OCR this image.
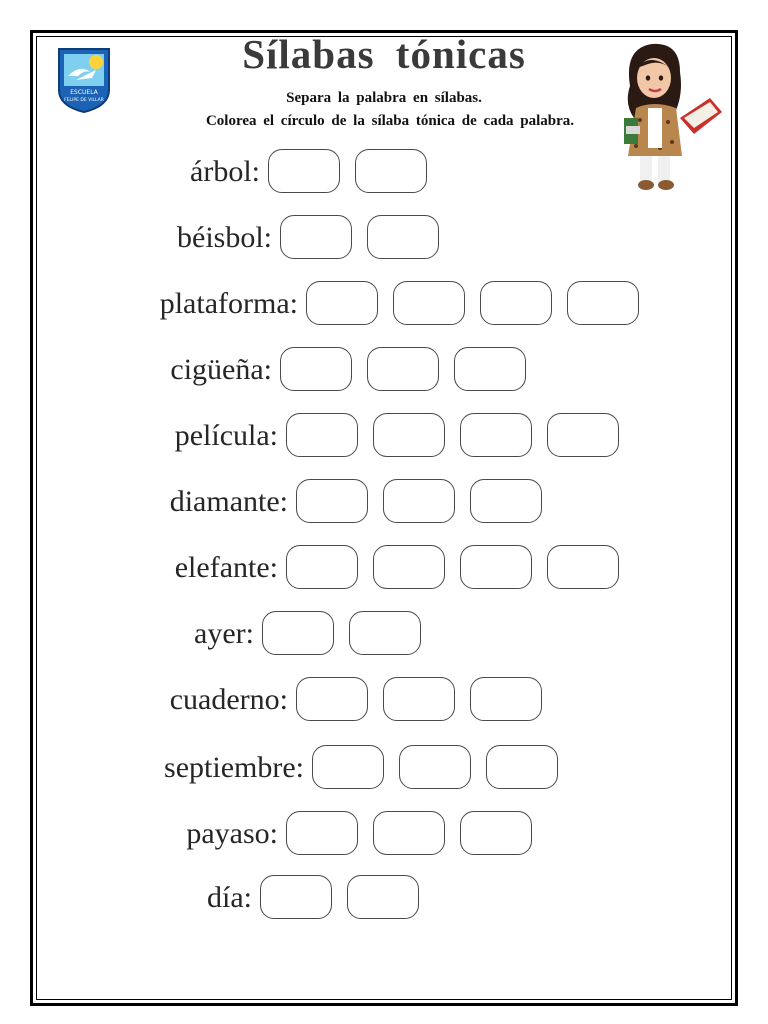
ESCUELA
FELIPE DE VILLAR
Sílabas tónicas
Separa la palabra en sílabas.
Colorea el círculo de la sílaba tónica de cada palabra.
árbol:
béisbol:
plataforma:
cigüeña:
película:
diamante:
elefante:
ayer:
cuaderno:
septiembre:
payaso:
día:
